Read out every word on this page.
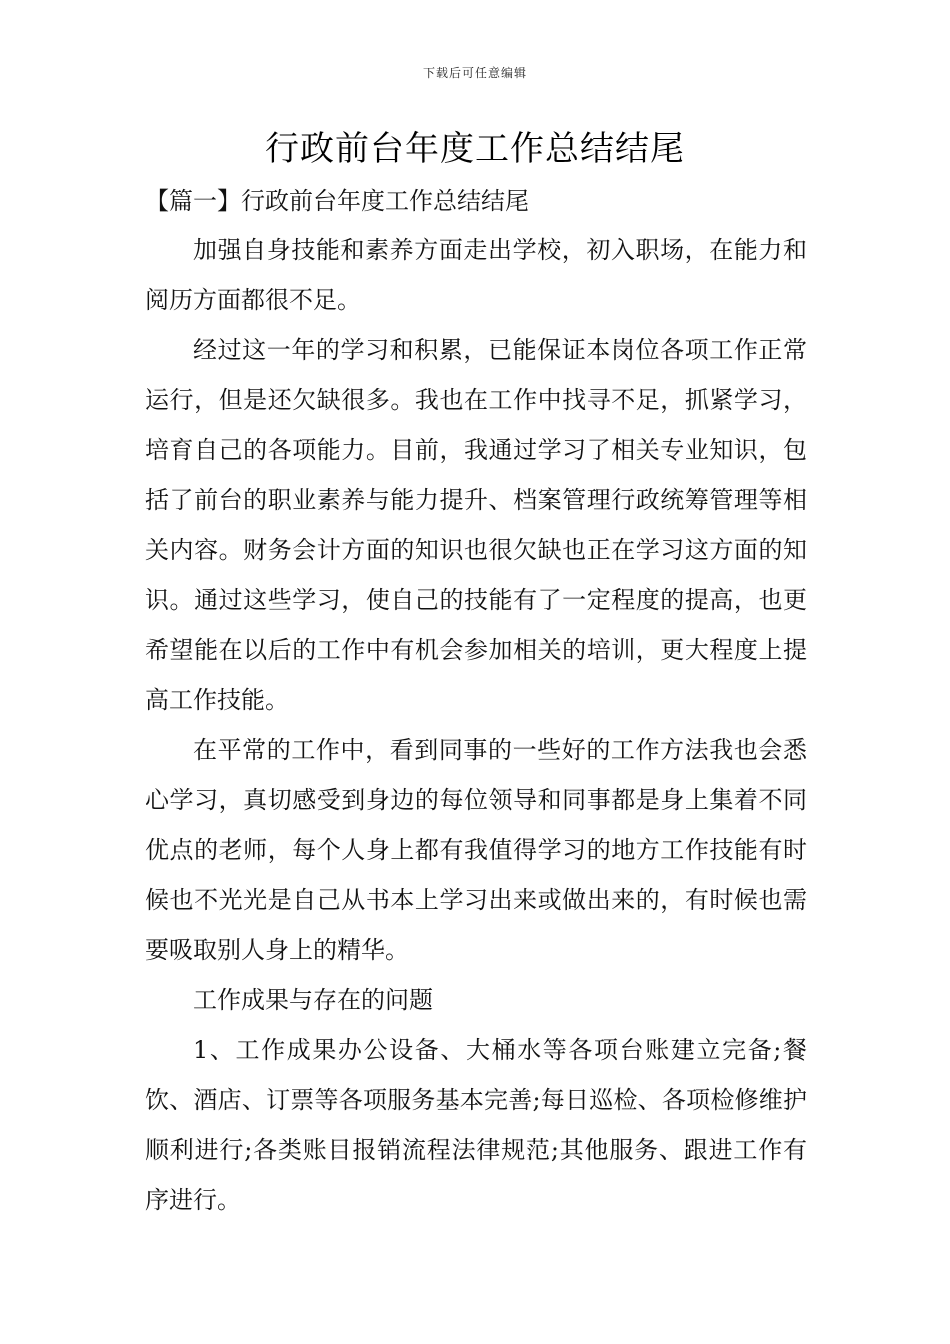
下载后可任意编辑
行政前台年度工作总结结尾
【篇一】行政前台年度工作总结结尾

加强自身技能和素养方面走出学校，初入职场，在能力和阅历方面都很不足。

经过这一年的学习和积累，已能保证本岗位各项工作正常运行，但是还欠缺很多。我也在工作中找寻不足，抓紧学习，培育自己的各项能力。目前，我通过学习了相关专业知识，包括了前台的职业素养与能力提升、档案管理行政统筹管理等相关内容。财务会计方面的知识也很欠缺也正在学习这方面的知识。通过这些学习，使自己的技能有了一定程度的提高，也更希望能在以后的工作中有机会参加相关的培训，更大程度上提高工作技能。

在平常的工作中，看到同事的一些好的工作方法我也会悉心学习，真切感受到身边的每位领导和同事都是身上集着不同优点的老师，每个人身上都有我值得学习的地方工作技能有时候也不光光是自己从书本上学习出来或做出来的，有时候也需要吸取别人身上的精华。

工作成果与存在的问题

1、工作成果办公设备、大桶水等各项台账建立完备;餐饮、酒店、订票等各项服务基本完善;每日巡检、各项检修维护顺利进行;各类账目报销流程法律规范;其他服务、跟进工作有序进行。
